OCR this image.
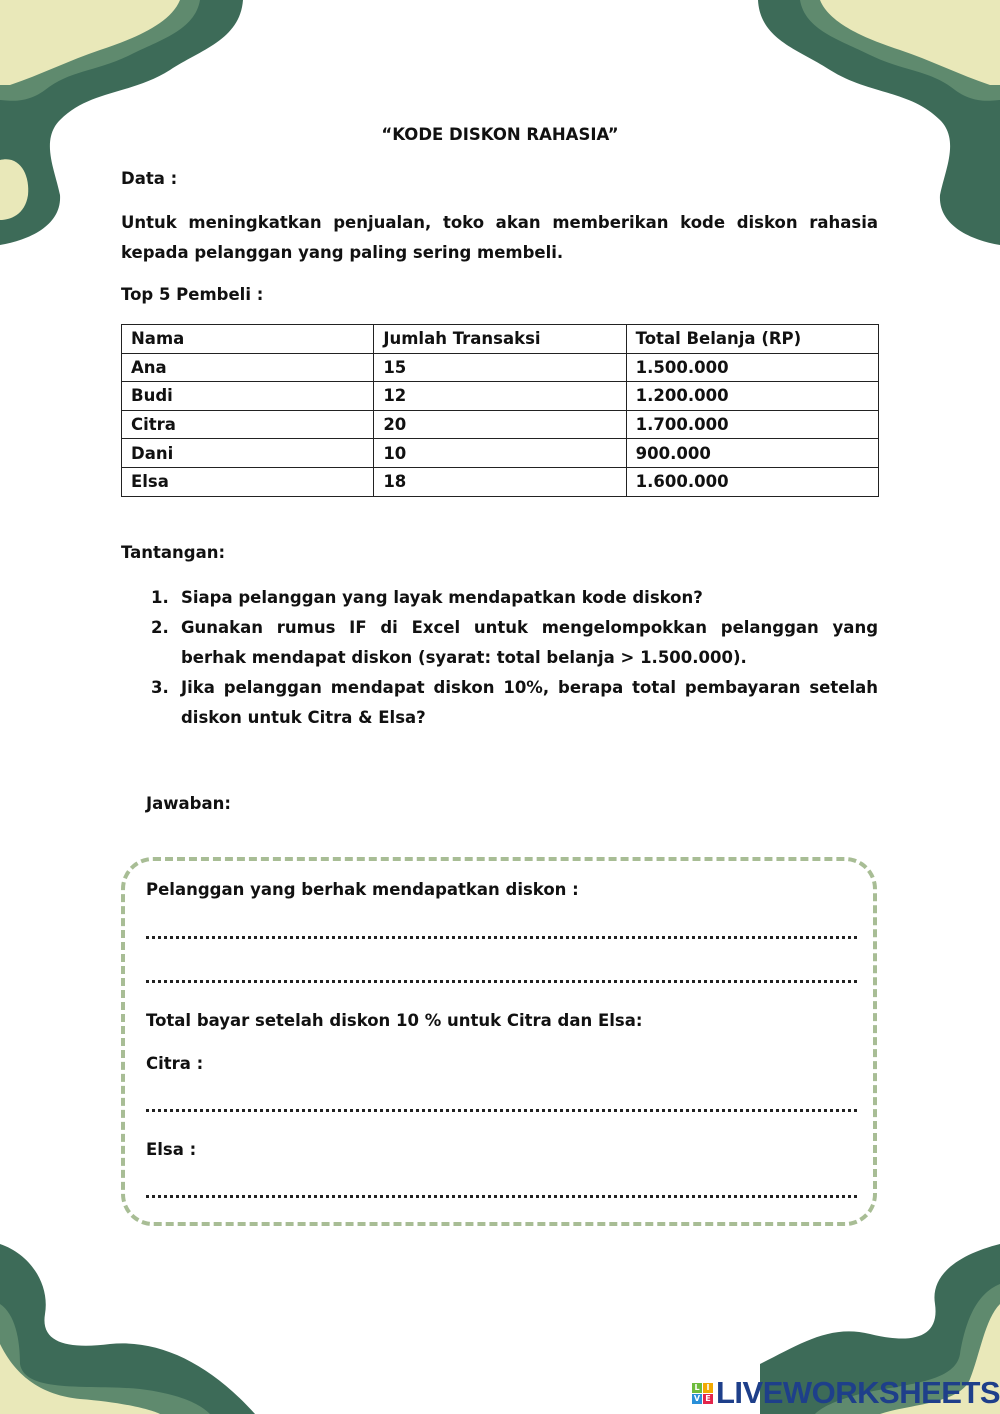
“KODE DISKON RAHASIA”
Data :
Untuk meningkatkan penjualan, toko akan memberikan kode diskon rahasia kepada pelanggan yang paling sering membeli.
Top 5 Pembeli :
Nama	Jumlah Transaksi	Total Belanja (RP)
Ana	15	1.500.000
Budi	12	1.200.000
Citra	20	1.700.000
Dani	10	900.000
Elsa	18	1.600.000
Tantangan:
1. Siapa pelanggan yang layak mendapatkan kode diskon?
2. Gunakan rumus IF di Excel untuk mengelompokkan pelanggan yang berhak mendapat diskon (syarat: total belanja > 1.500.000).
3. Jika pelanggan mendapat diskon 10%, berapa total pembayaran setelah diskon untuk Citra & Elsa?
Jawaban:
Pelanggan yang berhak mendapatkan diskon :
Total bayar setelah diskon 10 % untuk Citra dan Elsa:
Citra :
Elsa :
L I
V E LIVEWORKSHEETS
